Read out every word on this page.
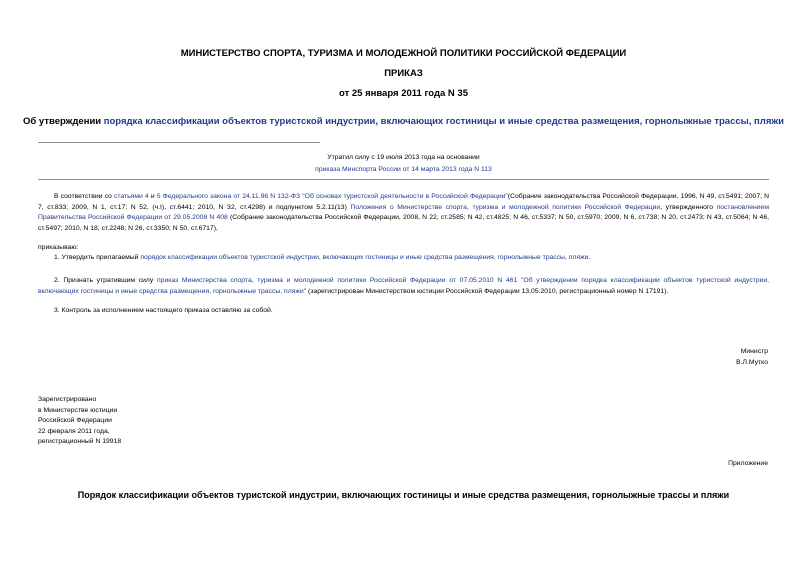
МИНИСТЕРСТВО СПОРТА, ТУРИЗМА И МОЛОДЕЖНОЙ ПОЛИТИКИ РОССИЙСКОЙ ФЕДЕРАЦИИ
ПРИКАЗ
от 25 января 2011 года N 35
Об утверждении порядка классификации объектов туристской индустрии, включающих гостиницы и иные средства размещения, горнолыжные трассы, пляжи
Утратил силу с 19 июля 2013 года на основании
приказа Минспорта России от 14 марта 2013 года N 113
В соответствии со статьями 4 и 5 Федерального закона от 24.11.96 N 132-ФЗ "Об основах туристской деятельности в Российской Федерации"(Собрание законодательства Российской Федерации, 1996, N 49, ст.5491; 2007, N 7, ст.833; 2009, N 1, ст.17; N 52, (ч.I), ст.6441; 2010, N 32, ст.4298) и подпунктом 5.2.11(13) Положения о Министерстве спорта, туризма и молодежной политики Российской Федерации, утвержденного постановлением Правительства Российской Федерации от 29.05.2008 N 408 (Собрание законодательства Российской Федерации, 2008, N 22, ст.2585; N 42, ст.4825; N 46, ст.5337; N 50, ст.5970; 2009, N 6, ст.738; N 20, ст.2473; N 43, ст.5064; N 46, ст.5497; 2010, N 18, ст.2248; N 26, ст.3350; N 50, ст.6717),
приказываю:
1. Утвердить прилагаемый порядок классификации объектов туристской индустрии, включающих гостиницы и иные средства размещения, горнолыжные трассы, пляжи.
2. Признать утратившим силу приказ Министерства спорта, туризма и молодежной политики Российской Федерации от 07.05.2010 N 461 "Об утверждении порядка классификации объектов туристской индустрии, включающих гостиницы и иные средства размещения, горнолыжные трассы, пляжи" (зарегистрирован Министерством юстиции Российской Федерации 13.05.2010, регистрационный номер N 17191).
3. Контроль за исполнением настоящего приказа оставляю за собой.
Министр
В.Л.Мутко
Зарегистрировано
в Министерстве юстиции
Российской Федерации
22 февраля 2011 года,
регистрационный N 19918
Приложение
Порядок классификации объектов туристской индустрии, включающих гостиницы и иные средства размещения, горнолыжные трассы и пляжи
